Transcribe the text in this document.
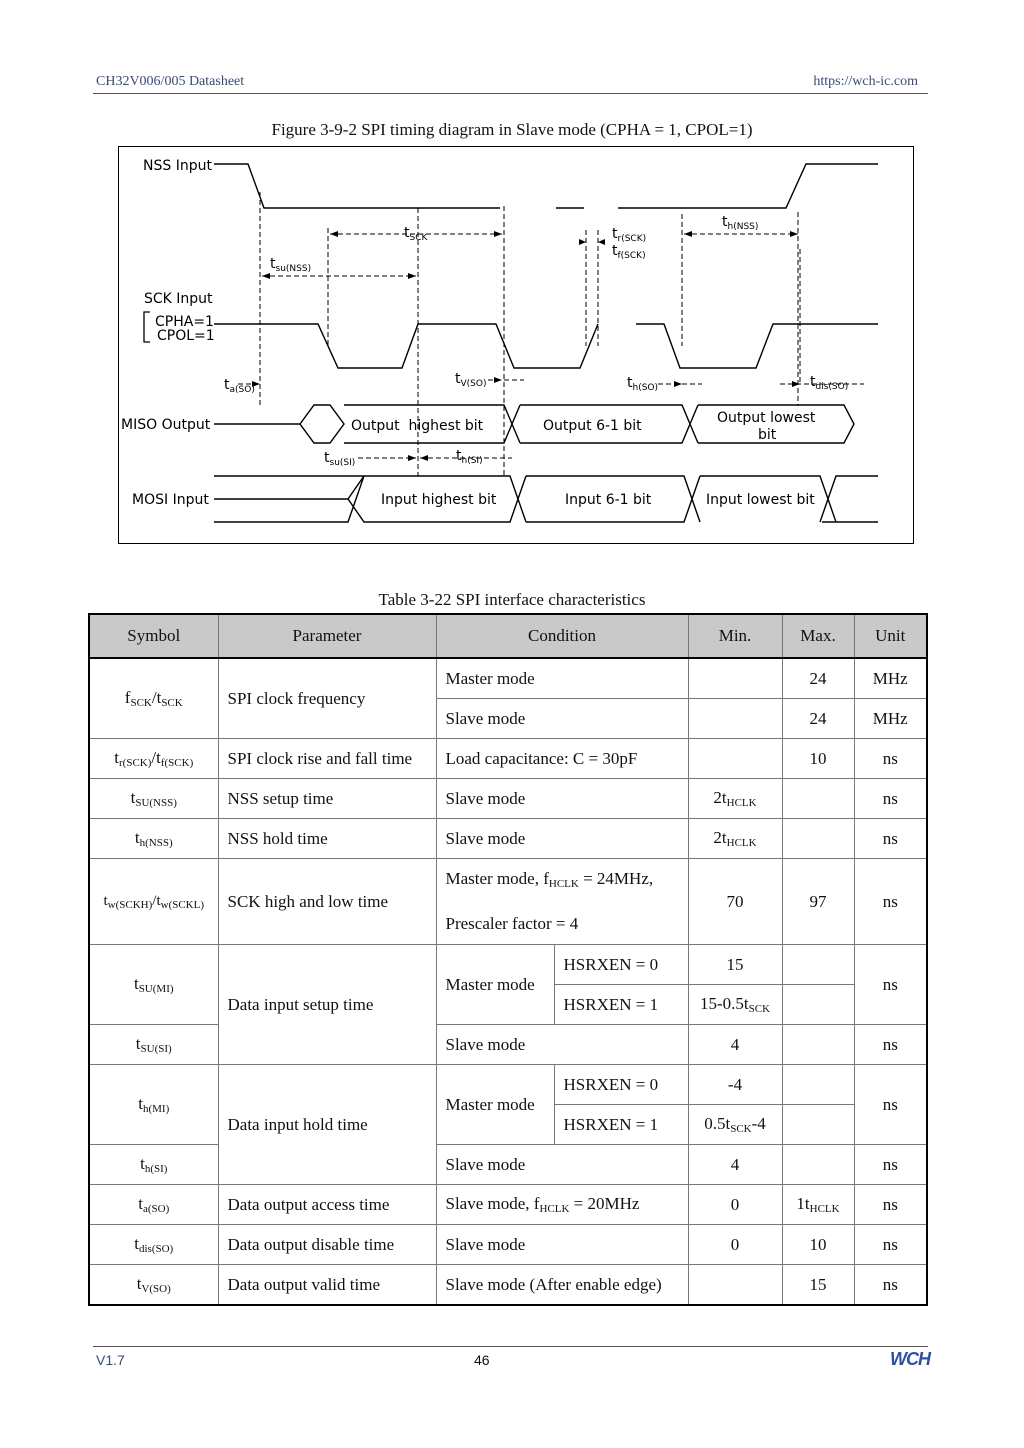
CH32V006/005 Datasheet	https://wch-ic.com
Figure 3-9-2 SPI timing diagram in Slave mode (CPHA = 1, CPOL=1)
NSS Input
SCK Input
CPHA=1
CPOL=1
MISO Output
MOSI Input
$t_{SCK}$
$t_{su(NSS)}$
$t_{r(SCK)}$
$t_{f(SCK)}$
$t_{h(NSS)}$
$t_{a(SO)}$
$t_{V(SO)}$	$t_{h(SO)}$	$t_{dis(SO)}$
$t_{su(SI)}$	$t_{h(SI)}$
Output  highest bit	Output 6-1 bit	Output lowest
bit
Input highest bit	Input 6-1 bit	Input lowest bit
Table 3-22 SPI interface characteristics
Symbol	Parameter	Condition		Min.	Max.	Unit
$f_{SCK}/t_{SCK}$	SPI clock frequency	Master mode			24	MHz
		Slave mode			24	MHz
$t_{r(SCK)}/t_{f(SCK)}$	SPI clock rise and fall time	Load capacitance: C = 30pF			10	ns
$t_{SU(NSS)}$	NSS setup time	Slave mode		$2t_{HCLK}$		ns
$t_{h(NSS)}$	NSS hold time	Slave mode		$2t_{HCLK}$		ns
$t_{w(SCKH)}/t_{w(SCKL)}$	SCK high and low time	Master mode, $f_{HCLK} = 24MHz$,
Prescaler factor = 4		70	97	ns
$t_{SU(MI)}$	Data input setup time	Master mode	HSRXEN = 0	15		ns
			HSRXEN = 1	$15-0.5t_{SCK}$	
$t_{SU(SI)}$		Slave mode		4		ns
$t_{h(MI)}$	Data input hold time	Master mode	HSRXEN = 0	-4		ns
			HSRXEN = 1	$0.5t_{SCK}-4$		
$t_{h(SI)}$		Slave mode		4		ns
$t_{a(SO)}$	Data output access time	Slave mode, $f_{HCLK} = 20MHz$		0	$1t_{HCLK}$	ns
$t_{dis(SO)}$	Data output disable time	Slave mode		0	10	ns
$t_{V(SO)}$	Data output valid time	Slave mode (After enable edge)			15	ns
V1.7	46	WCH
